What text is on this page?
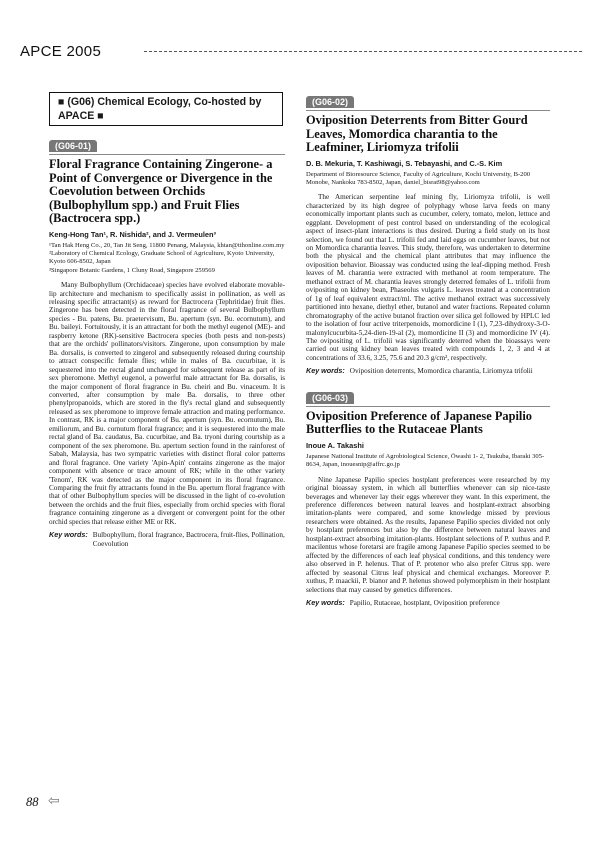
APCE 2005
■ (G06) Chemical Ecology, Co-hosted by APACE ■
(G06-01)
Floral Fragrance Containing Zingerone- a Point of Convergence or Divergence in the Coevolution between Orchids (Bulbophyllum spp.) and Fruit Flies (Bactrocera spp.)
Keng-Hong Tan¹, R. Nishida², and J. Vermeulen³

¹Tan Hak Heng Co., 20, Tan Jit Seng, 11800 Penang, Malaysia, khtan@tthonline.com.my

²Laboratory of Chemical Ecology, Graduate School of Agriculture, Kyoto University, Kyoto 606-8502, Japan

³Singapore Botanic Gardens, 1 Cluny Road, Singapore 259569

Many Bulbophyllum (Orchidaceae) species have evolved elaborate movable-lip architecture and mechanism to specifically assist in pollination, as well as releasing specific attractant(s) as reward for Bactrocera (Tephritidae) fruit flies. Zingerone has been detected in the floral fragrance of several Bulbophyllum species - Bu. patens, Bu. praetervisum, Bu. apertum (syn. Bu. ecornutum), and Bu. baileyi. Fortuitously, it is an attractant for both the methyl eugenol (ME)- and raspberry ketone (RK)-sensitive Bactrocera species (both pests and non-pests) that are the orchids' pollinators/visitors. Zingerone, upon consumption by male Ba. dorsalis, is converted to zingerol and subsequently released during courtship to attract conspecific female flies; while in males of Ba. cucurbitae, it is sequestered into the rectal gland unchanged for subsequent release as part of its sex pheromone. Methyl eugenol, a powerful male attractant for Ba. dorsalis, is the major component of floral fragrance in Bu. cheiri and Bu. vinaceum. It is converted, after consumption by male Ba. dorsalis, to three other phenylpropanoids, which are stored in the fly's rectal gland and subsequently released as sex pheromone to improve female attraction and mating performance. In contrast, RK is a major component of Bu. apertum (syn. Bu. ecornutum), Bu. emiliorum, and Bu. cornutum floral fragrance; and it is sequestered into the male rectal gland of Ba. caudatus, Ba. cucurbitae, and Ba. tryoni during courtship as a component of the sex pheromone. Bu. apertum section found in the rainforest of Sabah, Malaysia, has two sympatric varieties with distinct floral color patterns and floral fragrance. One variety 'Apin-Apin' contains zingerone as the major component with absence or trace amount of RK; while in the other variety 'Tenom', RK was detected as the major component in its floral fragrance. Comparing the fruit fly attractants found in the Bu. apertum floral fragrance with that of other Bulbophyllum species will be discussed in the light of co-evolution between the orchids and the fruit flies, especially from orchid species with floral fragrance containing zingerone as a divergent or convergent point for the other orchid species that release either ME or RK.

Key words: Bulbophyllum, floral fragrance, Bactrocera, fruit-flies, Pollination, Coevolution
(G06-02)
Oviposition Deterrents from Bitter Gourd Leaves, Momordica charantia to the Leafminer, Liriomyza trifolii
D. B. Mekuria, T. Kashiwagi, S. Tebayashi, and C.-S. Kim

Department of Bioresource Science, Faculty of Agriculture, Kochi University, B-200 Monobe, Nankoku 783-8502, Japan, daniel_bisrat98@yahoo.com

The American serpentine leaf mining fly, Liriomyza trifolii, is well characterized by its high degree of polyphagy whose larva feeds on many economically important plants such as cucumber, celery, tomato, melon, lettuce and eggplant. Development of pest control based on understanding of the ecological aspect of insect-plant interactions is thus desired. During a field study on its host selection, we found out that L. trifolii fed and laid eggs on cucumber leaves, but not on Momordica charantia leaves. This study, therefore, was undertaken to determine both the physical and the chemical plant attributes that may influence the oviposition behavior. Bioassay was conducted using the leaf-dipping method. Fresh leaves of M. charantia were extracted with methanol at room temperature. The methanol extract of M. charantia leaves strongly deterred females of L. trifolii from ovipositing on kidney bean, Phaseolus vulgaris L. leaves treated at a concentration of 1g of leaf equivalent extract/ml. The active methanol extract was successively partitioned into hexane, diethyl ether, butanol and water fractions. Repeated column chromatography of the active butanol fraction over silica gel followed by HPLC led to the isolation of four active triterpenoids, momordicine I (1), 7,23-dihydroxy-3-O-malonylcucurbita-5,24-dien-19-al (2), momordicine II (3) and momordicine IV (4). The ovipositing of L. trifolii was significantly deterred when the bioassays were carried out using kidney bean leaves treated with compounds 1, 2, 3 and 4 at concentrations of 33.6, 3.25, 75.6 and 20.3 g/cm², respectively.

Key words: Oviposition deterrents, Momordica charantia, Liriomyza trifolii
(G06-03)
Oviposition Preference of Japanese Papilio Butterflies to the Rutaceae Plants
Inoue A. Takashi

Japanese National Institute of Agrobiological Science, Ōwashi 1- 2, Tsukuba, Ibaraki 305-8634, Japan, inouesnip@affrc.go.jp

Nine Japanese Papilio species hostplant preferences were researched by my original bioassay system, in which all butterflies whenever can sip nice-taste beverages and whenever lay their eggs wherever they want. In this experiment, the preference differences between natural leaves and hostplant-extract absorbing imitation-plants were compared, and some knowledge missed by previous researchers were obtained. As the results, Japanese Papilio species divided not only by hostplant preferences but also by the difference between natural leaves and hostplant-extract absorbing imitation-plants. Hostplant selections of P. xuthus and P. macilentus whose foretarsi are fragile among Japanese Papilio species seemed to be affected by the differences of each leaf physical conditions, and this tendency were also observed in P. helenus. That of P. protenor who also prefer Citrus spp. were affected by seasonal Citrus leaf physical and chemical exchanges. Moreover P. xuthus, P. maackii, P. bianor and P. helenus showed polymorphism in their hostplant selections that may caused by genetics differences.

Key words: Papilio, Rutaceae, hostplant, Oviposition preference
88 ⇦
